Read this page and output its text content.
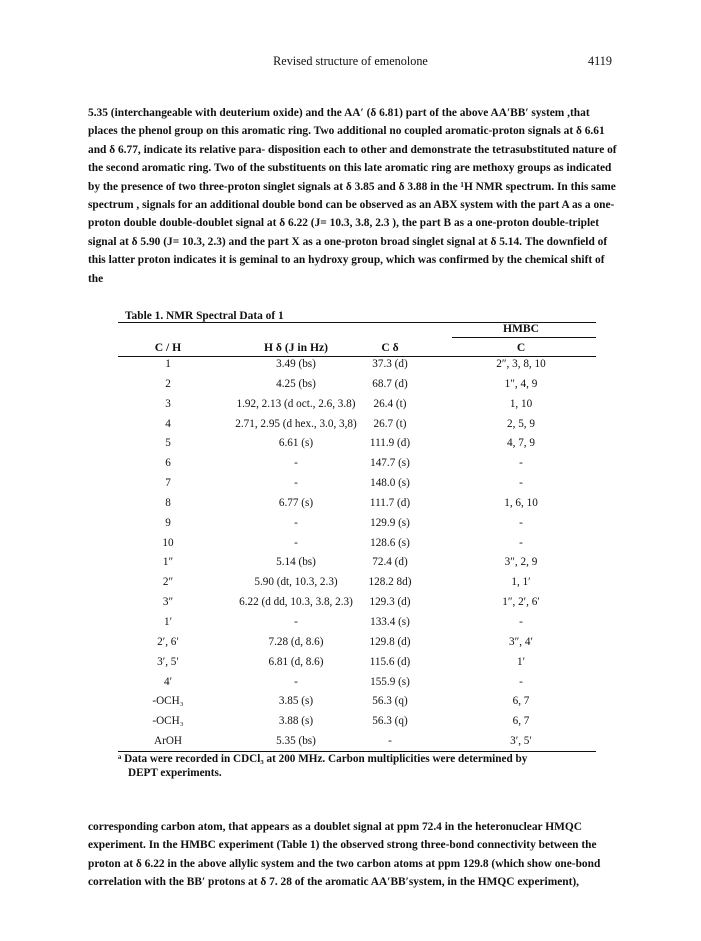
Revised structure of emenolone	4119
5.35 (interchangeable with deuterium oxide) and the AA′ (δ 6.81) part of the above AA′BB′ system ,that
places the phenol group on this aromatic ring. Two additional no coupled aromatic-proton signals at δ 6.61
and δ 6.77, indicate its relative para- disposition each to other and demonstrate the tetrasubstituted nature of
the second aromatic ring. Two of the substituents on this late aromatic ring are methoxy groups as indicated
by the presence of two three-proton singlet signals at δ 3.85 and δ 3.88 in the ¹H NMR spectrum. In this same
spectrum , signals for an additional double bond can be observed as an ABX system with the part A as a one-
proton double double-doublet signal at δ 6.22 (J= 10.3, 3.8, 2.3 ), the part B as a one-proton double-triplet
signal at δ 5.90 (J= 10.3, 2.3) and the part X as a one-proton broad singlet signal at δ 5.14. The downfield of
this latter proton indicates it is geminal to an hydroxy group, which was confirmed by the chemical shift of
the
Table 1. NMR Spectral Data of 1
HMBC
C / H	H δ (J in Hz)	C δ	C
1	3.49 (bs)	37.3 (d)	2″, 3, 8, 10
2	4.25 (bs)	68.7 (d)	1″, 4, 9
3	1.92, 2.13 (d oct., 2.6, 3.8)	26.4 (t)	1, 10
4	2.71, 2.95 (d hex., 3.0, 3,8)	26.7 (t)	2, 5, 9
5	6.61 (s)	111.9 (d)	4, 7, 9
6	-	147.7 (s)	-
7	-	148.0 (s)	-
8	6.77 (s)	111.7 (d)	1, 6, 10
9	-	129.9 (s)	-
10	-	128.6 (s)	-
1″	5.14 (bs)	72.4 (d)	3″, 2, 9
2″	5.90 (dt, 10.3, 2.3)	128.2 8d)	1, 1′
3″	6.22 (d dd, 10.3, 3.8, 2.3)	129.3 (d)	1″, 2′, 6′
1′	-	133.4 (s)	-
2′, 6′	7.28 (d, 8.6)	129.8 (d)	3″, 4′
3′, 5′	6.81 (d, 8.6)	115.6 (d)	1′
4′	-	155.9 (s)	-
-OCH₃	3.85 (s)	56.3 (q)	6, 7
-OCH₃	3.88 (s)	56.3 (q)	6, 7
ArOH	5.35 (bs)	-	3′, 5′
ᵃ Data were recorded in CDCl₃ at 200 MHz. Carbon multiplicities were determined by
DEPT experiments.
corresponding carbon atom, that appears as a doublet signal at ppm 72.4 in the heteronuclear HMQC
experiment. In the HMBC experiment (Table 1) the observed strong three-bond connectivity between the
proton at δ 6.22 in the above allylic system and the two carbon atoms at ppm 129.8 (which show one-bond
correlation with the BB′ protons at δ 7. 28 of the aromatic AA′BB′system, in the HMQC experiment),
